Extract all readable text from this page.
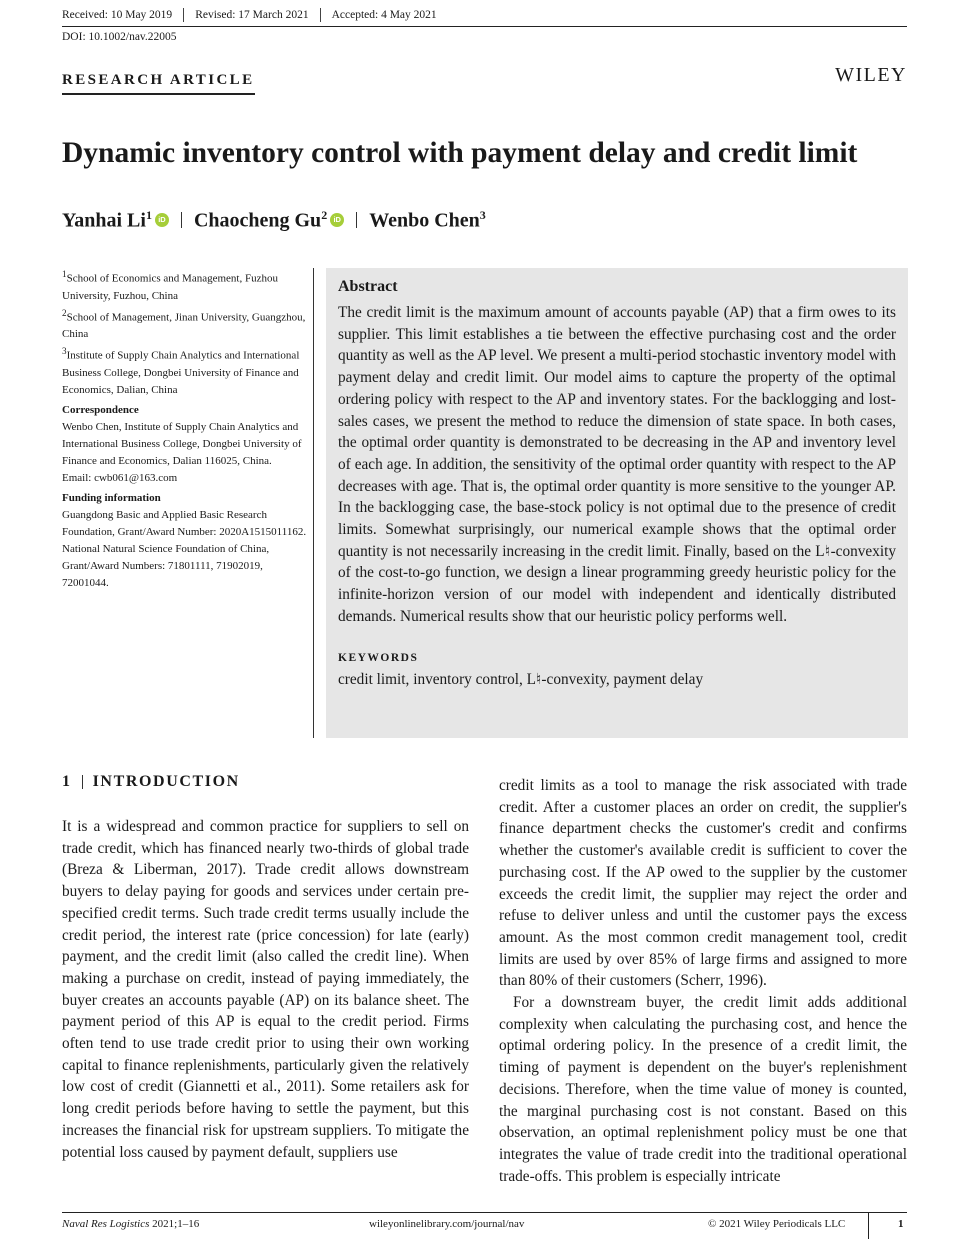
Received: 10 May 2019	Revised: 17 March 2021	Accepted: 4 May 2021
DOI: 10.1002/nav.22005
RESEARCH ARTICLE	WILEY
Dynamic inventory control with payment delay and credit limit
Yanhai Li$^1$ iD Chaocheng Gu$^2$ iD Wenbo Chen$^3$

$^1$School of Economics and Management, Fuzhou University, Fuzhou, China

$^2$School of Management, Jinan University, Guangzhou, China

$^3$Institute of Supply Chain Analytics and International Business College, Dongbei University of Finance and Economics, Dalian, China

Correspondence

Wenbo Chen, Institute of Supply Chain Analytics and International Business College, Dongbei University of Finance and Economics, Dalian 116025, China.

Email: cwb061@163.com

Funding information

Guangdong Basic and Applied Basic Research Foundation, Grant/Award Number: 2020A1515011162. National Natural Science Foundation of China, Grant/Award Numbers: 71801111, 71902019, 72001044.

Abstract

The credit limit is the maximum amount of accounts payable (AP) that a firm owes to its supplier. This limit establishes a tie between the effective purchasing cost and the order quantity as well as the AP level. We present a multi-period stochastic inventory model with payment delay and credit limit. Our model aims to capture the property of the optimal ordering policy with respect to the AP and inventory states. For the backlogging and lost-sales cases, we present the method to reduce the dimension of state space. In both cases, the optimal order quantity is demonstrated to be decreasing in the AP and inventory level of each age. In addition, the sensitivity of the optimal order quantity with respect to the AP decreases with age. That is, the optimal order quantity is more sensitive to the younger AP. In the backlogging case, the base-stock policy is not optimal due to the presence of credit limits. Somewhat surprisingly, our numerical example shows that the optimal order quantity is not necessarily increasing in the credit limit. Finally, based on the L♮-convexity of the cost-to-go function, we design a linear programming greedy heuristic policy for the infinite-horizon version of our model with independent and identically distributed demands. Numerical results show that our heuristic policy performs well.

KEYWORDS

credit limit, inventory control, L♮-convexity, payment delay

1 INTRODUCTION

It is a widespread and common practice for suppliers to sell on trade credit, which has financed nearly two-thirds of global trade (Breza & Liberman, 2017). Trade credit allows downstream buyers to delay paying for goods and services under certain pre-specified credit terms. Such trade credit terms usually include the credit period, the interest rate (price concession) for late (early) payment, and the credit limit (also called the credit line). When making a purchase on credit, instead of paying immediately, the buyer creates an accounts payable (AP) on its balance sheet. The payment period of this AP is equal to the credit period. Firms often tend to use trade credit prior to using their own working capital to finance replenishments, particularly given the relatively low cost of credit (Giannetti et al., 2011). Some retailers ask for long credit periods before having to settle the payment, but this increases the financial risk for upstream suppliers. To mitigate the potential loss caused by payment default, suppliers use

credit limits as a tool to manage the risk associated with trade credit. After a customer places an order on credit, the supplier's finance department checks the customer's credit and confirms whether the customer's available credit is sufficient to cover the purchasing cost. If the AP owed to the supplier by the customer exceeds the credit limit, the supplier may reject the order and refuse to deliver unless and until the customer pays the excess amount. As the most common credit management tool, credit limits are used by over 85% of large firms and assigned to more than 80% of their customers (Scherr, 1996).

For a downstream buyer, the credit limit adds additional complexity when calculating the purchasing cost, and hence the optimal ordering policy. In the presence of a credit limit, the timing of payment is dependent on the buyer's replenishment decisions. Therefore, when the time value of money is counted, the marginal purchasing cost is not constant. Based on this observation, an optimal replenishment policy must be one that integrates the value of trade credit into the traditional operational trade-offs. This problem is especially intricate

Naval Res Logistics 2021;1–16	wileyonlinelibrary.com/journal/nav	© 2021 Wiley Periodicals LLC	1
